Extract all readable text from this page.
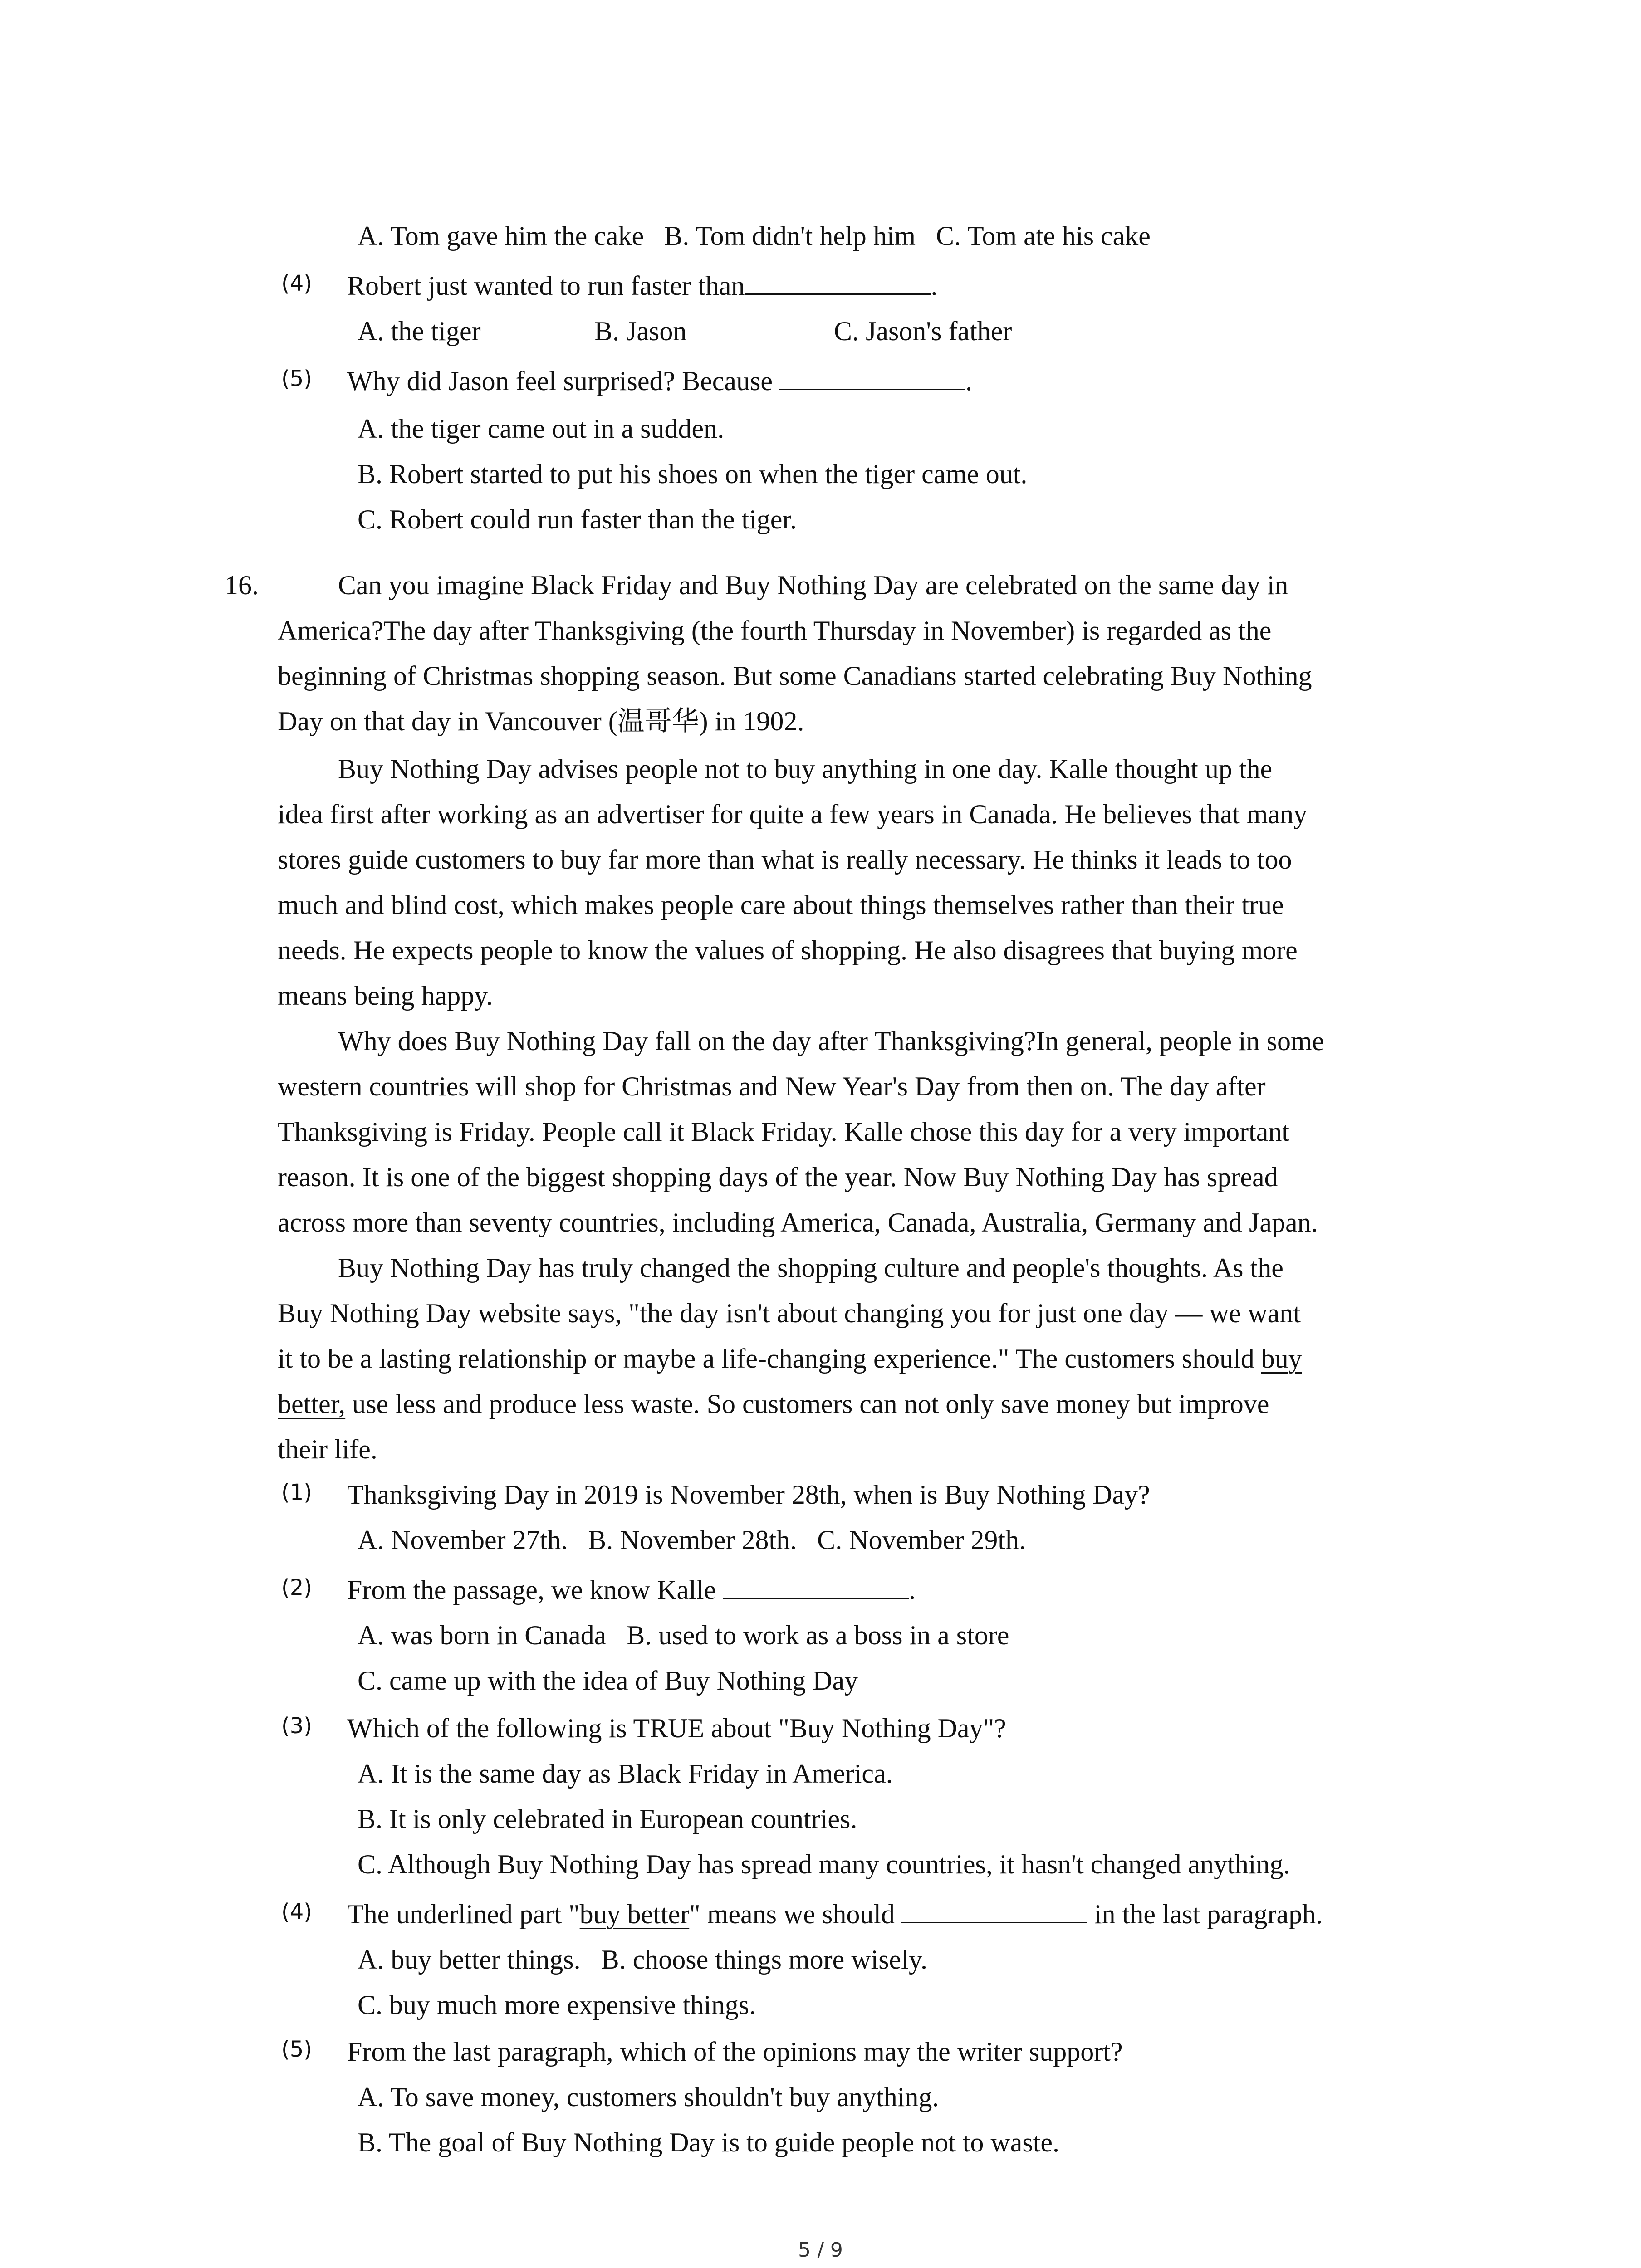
A. Tom gave him the cake   B. Tom didn't help him   C. Tom ate his cake
(4) Robert just wanted to run faster than	.
A. the tiger	B. Jason	C. Jason's father
(5) Why did Jason feel surprised? Because	.
A. the tiger came out in a sudden.
B. Robert started to put his shoes on when the tiger came out.
C. Robert could run faster than the tiger.
16.	Can you imagine Black Friday and Buy Nothing Day are celebrated on the same day in
America?The day after Thanksgiving (the fourth Thursday in November) is regarded as the
beginning of Christmas shopping season. But some Canadians started celebrating Buy Nothing
Day on that day in Vancouver (温哥华) in 1902.
Buy Nothing Day advises people not to buy anything in one day. Kalle thought up the
idea first after working as an advertiser for quite a few years in Canada. He believes that many
stores guide customers to buy far more than what is really necessary. He thinks it leads to too
much and blind cost, which makes people care about things themselves rather than their true
needs. He expects people to know the values of shopping. He also disagrees that buying more
means being happy.
Why does Buy Nothing Day fall on the day after Thanksgiving?In general, people in some
western countries will shop for Christmas and New Year's Day from then on. The day after
Thanksgiving is Friday. People call it Black Friday. Kalle chose this day for a very important
reason. It is one of the biggest shopping days of the year. Now Buy Nothing Day has spread
across more than seventy countries, including America, Canada, Australia, Germany and Japan.
Buy Nothing Day has truly changed the shopping culture and people's thoughts. As the
Buy Nothing Day website says, "the day isn't about changing you for just one day — we want
it to be a lasting relationship or maybe a life-changing experience." The customers should buy
better, use less and produce less waste. So customers can not only save money but improve
their life.
(1) Thanksgiving Day in 2019 is November 28th, when is Buy Nothing Day?
A. November 27th.   B. November 28th.   C. November 29th.
(2) From the passage, we know Kalle	.
A. was born in Canada   B. used to work as a boss in a store
C. came up with the idea of Buy Nothing Day
(3) Which of the following is TRUE about "Buy Nothing Day"?
A. It is the same day as Black Friday in America.
B. It is only celebrated in European countries.
C. Although Buy Nothing Day has spread many countries, it hasn't changed anything.
(4) The underlined part "buy better" means we should	in the last paragraph.
A. buy better things.   B. choose things more wisely.
C. buy much more expensive things.
(5) From the last paragraph, which of the opinions may the writer support?
A. To save money, customers shouldn't buy anything.
B. The goal of Buy Nothing Day is to guide people not to waste.
5 / 9
